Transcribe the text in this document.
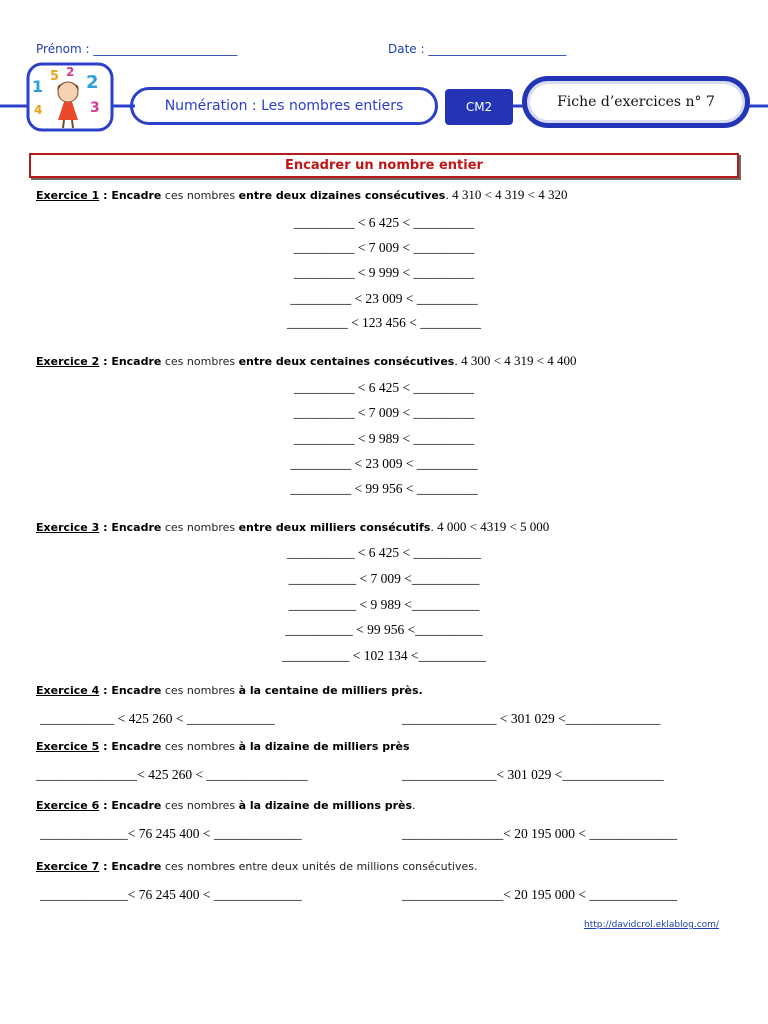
Prénom : ________________________	Date : _______________________
1
5 2 2
4	3	Numération : Les nombres entiers	CM2	Fiche d’exercices n° 7
Encadrer un nombre entier
Exercice 1 : Encadre ces nombres entre deux dizaines consécutives. 4 310 < 4 319 < 4 320
_________ < 6 425 < _________
_________ < 7 009 < _________
_________ < 9 999 < _________
_________ < 23 009 < _________
_________ < 123 456 < _________
Exercice 2 : Encadre ces nombres entre deux centaines consécutives. 4 300 < 4 319 < 4 400
_________ < 6 425 < _________
_________ < 7 009 < _________
_________ < 9 989 < _________
_________ < 23 009 < _________
_________ < 99 956 < _________
Exercice 3 : Encadre ces nombres entre deux milliers consécutifs. 4 000 < 4319 < 5 000
__________ < 6 425 < __________
__________ < 7 009 <__________
__________ < 9 989 <__________
__________ < 99 956 <__________
__________ < 102 134 <__________
Exercice 4 : Encadre ces nombres à la centaine de milliers près.
___________ < 425 260 < _____________	______________ < 301 029 <______________
Exercice 5 : Encadre ces nombres à la dizaine de milliers près
_______________< 425 260 < _______________	______________< 301 029 <_______________
Exercice 6 : Encadre ces nombres à la dizaine de millions près.
_____________< 76 245 400 < _____________	_______________< 20 195 000 < _____________
Exercice 7 : Encadre ces nombres entre deux unités de millions consécutives.
_____________< 76 245 400 < _____________	_______________< 20 195 000 < _____________
http://davidcrol.eklablog.com/
